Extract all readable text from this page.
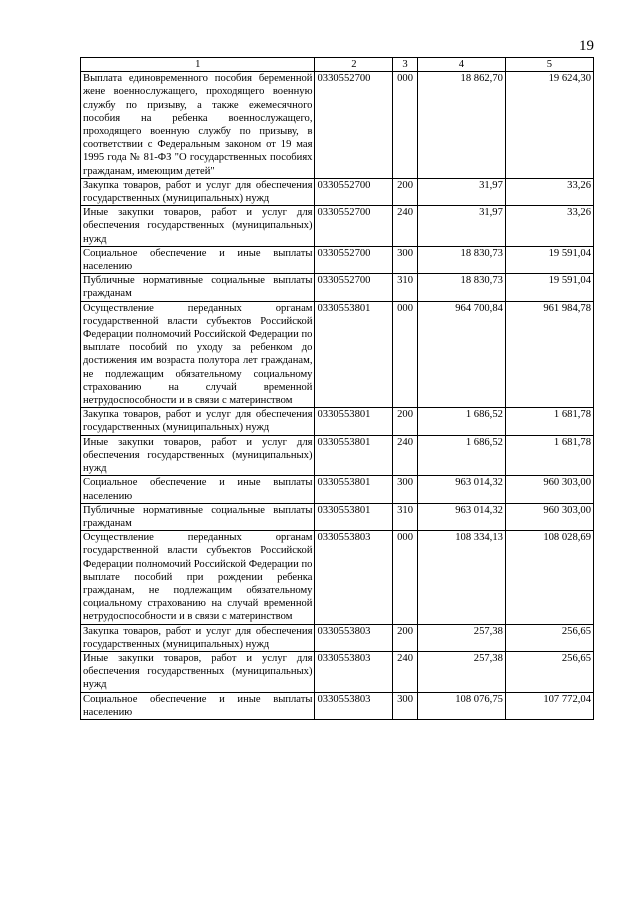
19
1	2	3	4	5
Выплата единовременного пособия беременной жене военнослужащего, проходящего военную службу по призыву, а также ежемесячного пособия на ребенка военнослужащего, проходящего военную службу по призыву, в соответствии с Федеральным законом от 19 мая 1995 года № 81-ФЗ "О государственных пособиях гражданам, имеющим детей"	0330552700	000	18 862,70	19 624,30
Закупка товаров, работ и услуг для обеспечения государственных (муниципальных) нужд	0330552700	200	31,97	33,26
Иные закупки товаров, работ и услуг для обеспечения государственных (муниципальных) нужд	0330552700	240	31,97	33,26
Социальное обеспечение и иные выплаты населению	0330552700	300	18 830,73	19 591,04
Публичные нормативные социальные выплаты гражданам	0330552700	310	18 830,73	19 591,04
Осуществление переданных органам государственной власти субъектов Российской Федерации полномочий Российской Федерации по выплате пособий по уходу за ребенком до достижения им возраста полутора лет гражданам, не подлежащим обязательному социальному страхованию на случай временной нетрудоспособности и в связи с материнством	0330553801	000	964 700,84	961 984,78
Закупка товаров, работ и услуг для обеспечения государственных (муниципальных) нужд	0330553801	200	1 686,52	1 681,78
Иные закупки товаров, работ и услуг для обеспечения государственных (муниципальных) нужд	0330553801	240	1 686,52	1 681,78
Социальное обеспечение и иные выплаты населению	0330553801	300	963 014,32	960 303,00
Публичные нормативные социальные выплаты гражданам	0330553801	310	963 014,32	960 303,00
Осуществление переданных органам государственной власти субъектов Российской Федерации полномочий Российской Федерации по выплате пособий при рождении ребенка гражданам, не подлежащим обязательному социальному страхованию на случай временной нетрудоспособности и в связи с материнством	0330553803	000	108 334,13	108 028,69
Закупка товаров, работ и услуг для обеспечения государственных (муниципальных) нужд	0330553803	200	257,38	256,65
Иные закупки товаров, работ и услуг для обеспечения государственных (муниципальных) нужд	0330553803	240	257,38	256,65
Социальное обеспечение и иные выплаты населению	0330553803	300	108 076,75	107 772,04
